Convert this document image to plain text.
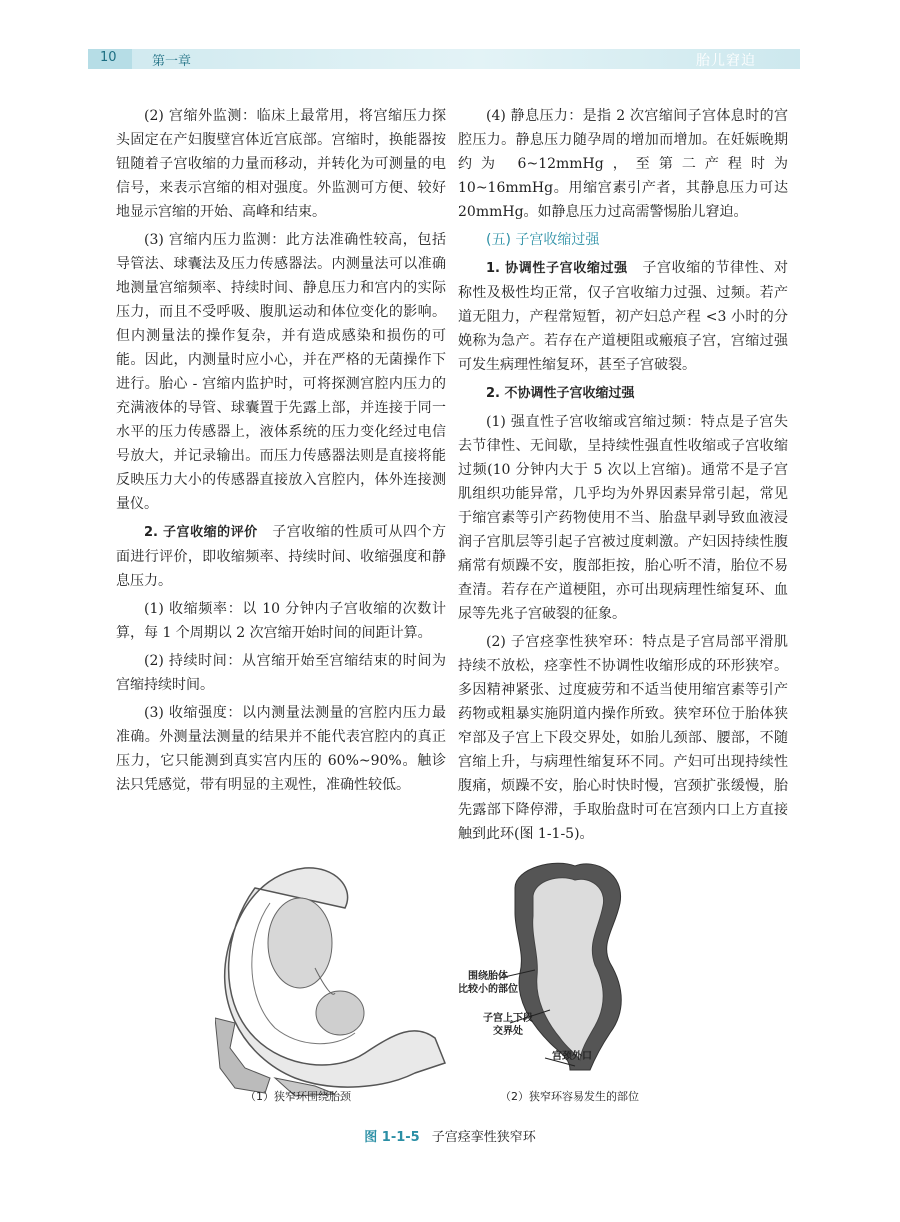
10	第一章	胎儿窘迫

(2) 宫缩外监测：临床上最常用，将宫缩压力探头固定在产妇腹壁宫体近宫底部。宫缩时，换能器按钮随着子宫收缩的力量而移动，并转化为可测量的电信号，来表示宫缩的相对强度。外监测可方便、较好地显示宫缩的开始、高峰和结束。

(3) 宫缩内压力监测：此方法准确性较高，包括导管法、球囊法及压力传感器法。内测量法可以准确地测量宫缩频率、持续时间、静息压力和宫内的实际压力，而且不受呼吸、腹肌运动和体位变化的影响。但内测量法的操作复杂，并有造成感染和损伤的可能。因此，内测量时应小心，并在严格的无菌操作下进行。胎心 - 宫缩内监护时，可将探测宫腔内压力的充满液体的导管、球囊置于先露上部，并连接于同一水平的压力传感器上，液体系统的压力变化经过电信号放大，并记录输出。而压力传感器法则是直接将能反映压力大小的传感器直接放入宫腔内，体外连接测量仪。

2. 子宫收缩的评价　子宫收缩的性质可从四个方面进行评价，即收缩频率、持续时间、收缩强度和静息压力。

(1) 收缩频率：以 10 分钟内子宫收缩的次数计算，每 1 个周期以 2 次宫缩开始时间的间距计算。

(2) 持续时间：从宫缩开始至宫缩结束的时间为宫缩持续时间。

(3) 收缩强度：以内测量法测量的宫腔内压力最准确。外测量法测量的结果并不能代表宫腔内的真正压力，它只能测到真实宫内压的 60%~90%。触诊法只凭感觉，带有明显的主观性，准确性较低。

(4) 静息压力：是指 2 次宫缩间子宫体息时的宫腔压力。静息压力随孕周的增加而增加。在妊娠晚期约为 6~12mmHg，至第二产程时为 10~16mmHg。用缩宫素引产者，其静息压力可达 20mmHg。如静息压力过高需警惕胎儿窘迫。

(五) 子宫收缩过强

1. 协调性子宫收缩过强　子宫收缩的节律性、对称性及极性均正常，仅子宫收缩力过强、过频。若产道无阻力，产程常短暂，初产妇总产程 <3 小时的分娩称为急产。若存在产道梗阻或瘢痕子宫，宫缩过强可发生病理性缩复环，甚至子宫破裂。

2. 不协调性子宫收缩过强

(1) 强直性子宫收缩或宫缩过频：特点是子宫失去节律性、无间歇，呈持续性强直性收缩或子宫收缩过频(10 分钟内大于 5 次以上宫缩)。通常不是子宫肌组织功能异常，几乎均为外界因素异常引起，常见于缩宫素等引产药物使用不当、胎盘早剥导致血液浸润子宫肌层等引起子宫被过度刺激。产妇因持续性腹痛常有烦躁不安，腹部拒按，胎心听不清，胎位不易查清。若存在产道梗阻，亦可出现病理性缩复环、血尿等先兆子宫破裂的征象。

(2) 子宫痉挛性狭窄环：特点是子宫局部平滑肌持续不放松，痉挛性不协调性收缩形成的环形狭窄。多因精神紧张、过度疲劳和不适当使用缩宫素等引产药物或粗暴实施阴道内操作所致。狭窄环位于胎体狭窄部及子宫上下段交界处，如胎儿颈部、腰部，不随宫缩上升，与病理性缩复环不同。产妇可出现持续性腹痛，烦躁不安，胎心时快时慢，宫颈扩张缓慢，胎先露部下降停滞，手取胎盘时可在宫颈内口上方直接触到此环(图 1-1-5)。

围绕胎体
比较小的部位
子宫上下段
交界处
宫颈外口
（1）狭窄环围绕胎颈	（2）狭窄环容易发生的部位
图 1-1-5 子宫痉挛性狭窄环
